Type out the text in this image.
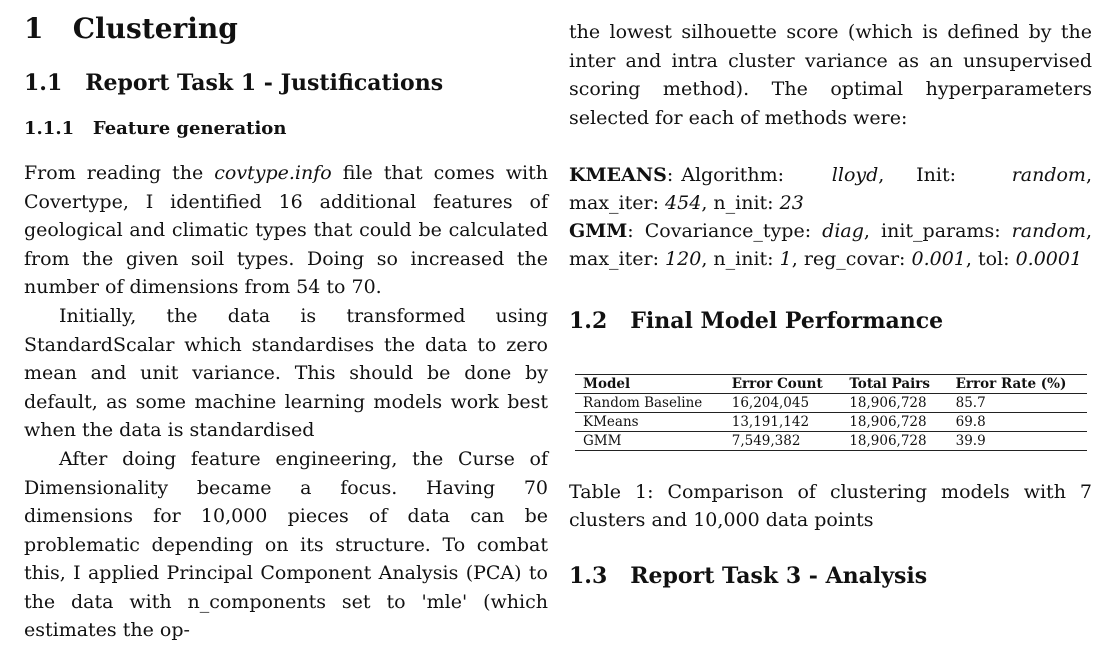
1 Clustering
1.1 Report Task 1 - Justifications
1.1.1 Feature generation

From reading the covtype.info file that comes with Covertype, I identified 16 additional features of geological and climatic types that could be calculated from the given soil types. Doing so increased the number of dimensions from 54 to 70.

Initially, the data is transformed using StandardScalar which standardises the data to zero mean and unit variance. This should be done by default, as some machine learning models work best when the data is standardised

After doing feature engineering, the Curse of Dimensionality became a focus. Having 70 dimensions for 10,000 pieces of data can be problematic depending on its structure. To combat this, I applied Principal Component Analysis (PCA) to the data with n_components set to 'mle' (which estimates the op-

the lowest silhouette score (which is defined by the inter and intra cluster variance as an unsupervised scoring method). The optimal hyperparameters selected for each of methods were:

KMEANS: Algorithm:	lloyd,    Init:	random, max_iter: 454, n_init: 23

GMM: Covariance_type: diag, init_params: random, max_iter: 120, n_init: 1, reg_covar: 0.001, tol: 0.0001

1.2 Final Model Performance
Model	Error Count	Total Pairs	Error Rate (%)
Random Baseline	16,204,045	18,906,728	85.7
KMeans	13,191,142	18,906,728	69.8
GMM	7,549,382	18,906,728	39.9

Table 1: Comparison of clustering models with 7 clusters and 10,000 data points

1.3 Report Task 3 - Analysis
